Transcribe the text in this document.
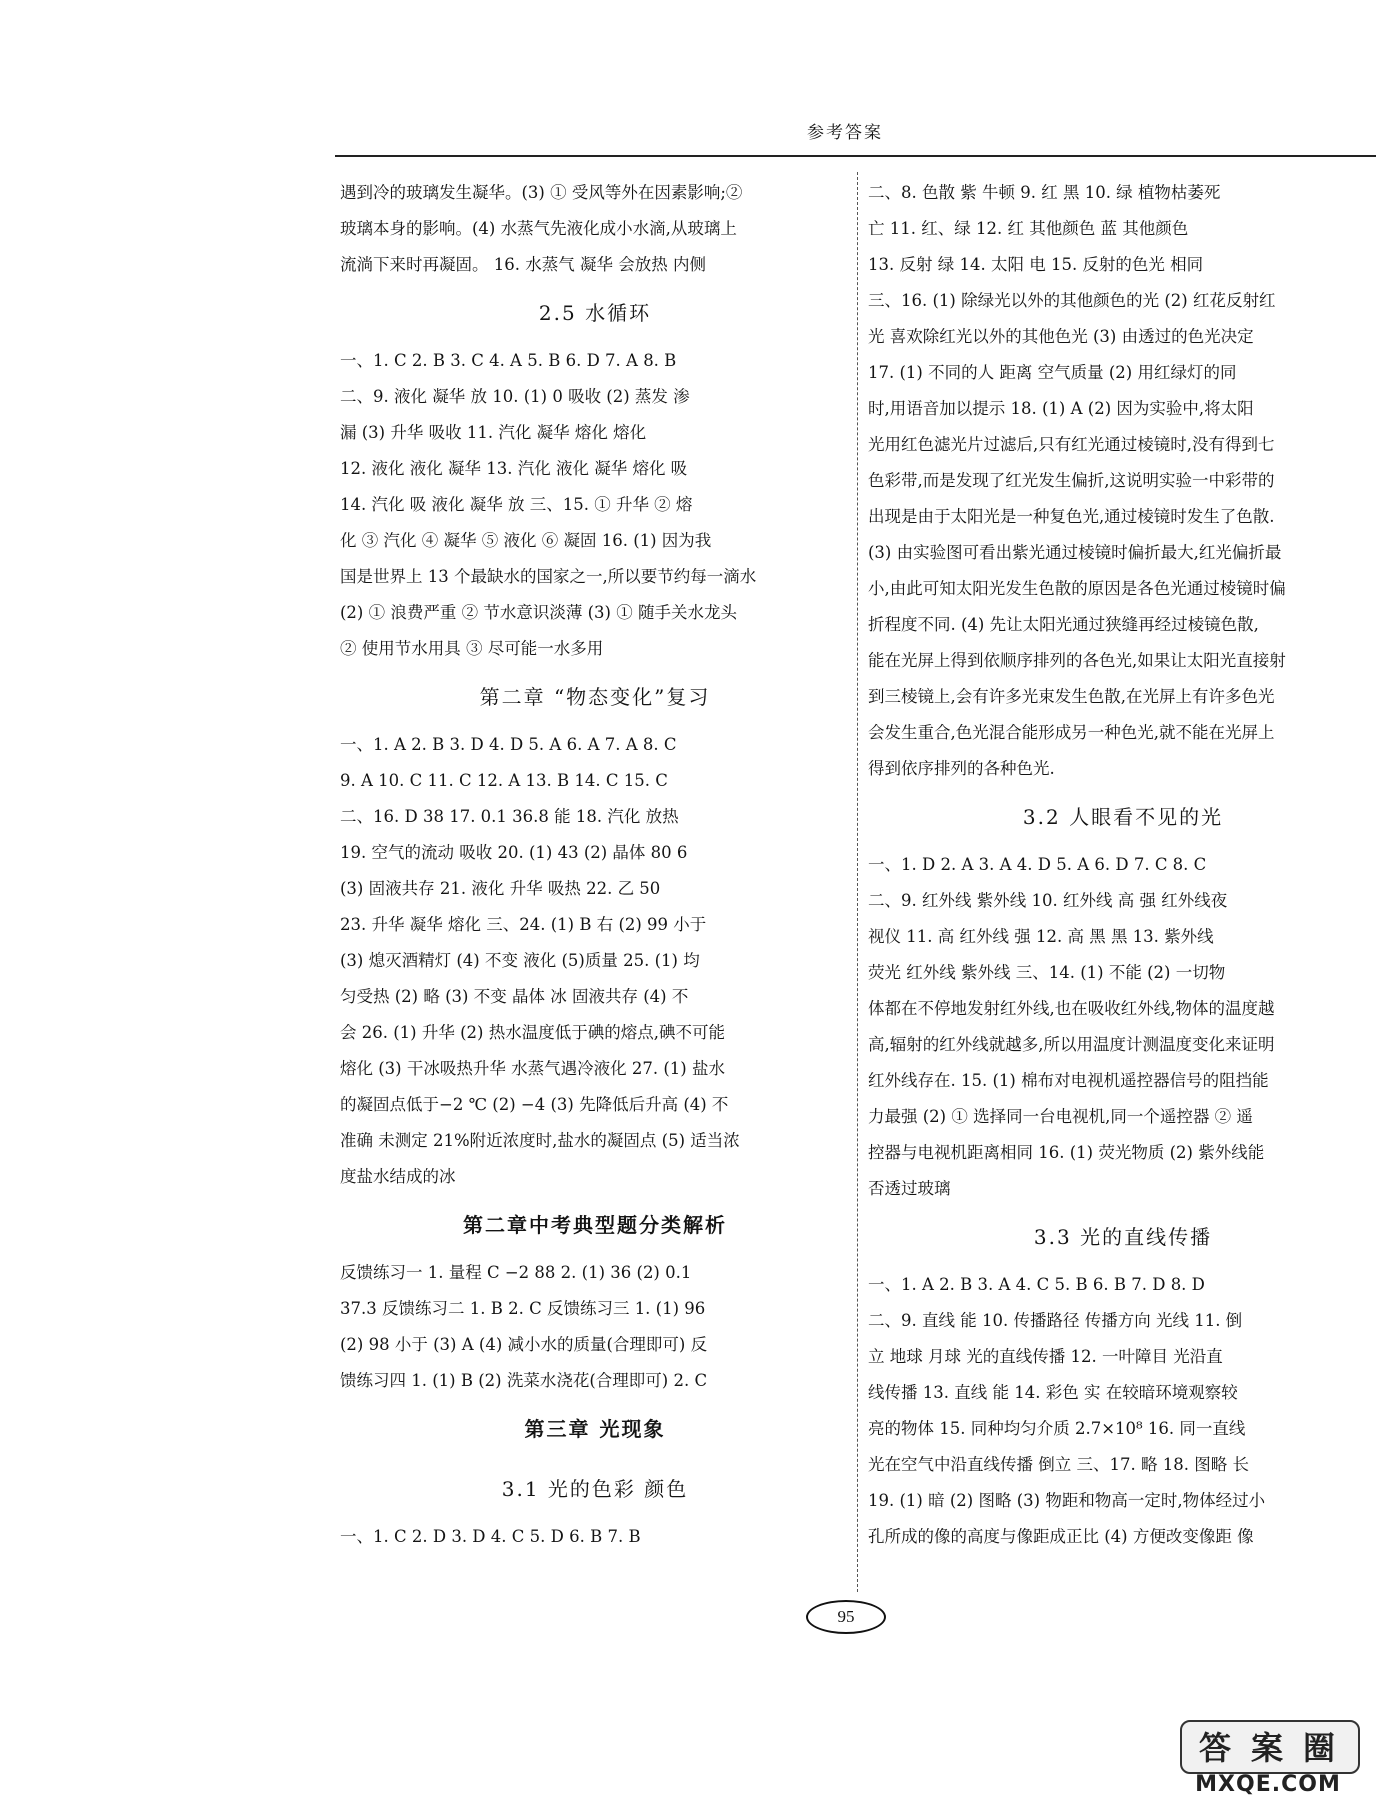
参考答案
遇到冷的玻璃发生凝华。(3) ① 受风等外在因素影响;②
玻璃本身的影响。(4) 水蒸气先液化成小水滴,从玻璃上
流淌下来时再凝固。 16. 水蒸气 凝华 会放热 内侧
2.5 水循环
一、1. C 2. B 3. C 4. A 5. B 6. D 7. A 8. B
二、9. 液化 凝华 放 10. (1) 0 吸收 (2) 蒸发 渗
漏 (3) 升华 吸收 11. 汽化 凝华 熔化 熔化
12. 液化 液化 凝华 13. 汽化 液化 凝华 熔化 吸
14. 汽化 吸 液化 凝华 放 三、15. ① 升华 ② 熔
化 ③ 汽化 ④ 凝华 ⑤ 液化 ⑥ 凝固 16. (1) 因为我
国是世界上 13 个最缺水的国家之一,所以要节约每一滴水
(2) ① 浪费严重 ② 节水意识淡薄 (3) ① 随手关水龙头
② 使用节水用具 ③ 尽可能一水多用
第二章 “物态变化”复习
一、1. A 2. B 3. D 4. D 5. A 6. A 7. A 8. C
9. A 10. C 11. C 12. A 13. B 14. C 15. C
二、16. D 38 17. 0.1 36.8 能 18. 汽化 放热
19. 空气的流动 吸收 20. (1) 43 (2) 晶体 80 6
(3) 固液共存 21. 液化 升华 吸热 22. 乙 50
23. 升华 凝华 熔化 三、24. (1) B 右 (2) 99 小于
(3) 熄灭酒精灯 (4) 不变 液化 (5)质量 25. (1) 均
匀受热 (2) 略 (3) 不变 晶体 冰 固液共存 (4) 不
会 26. (1) 升华 (2) 热水温度低于碘的熔点,碘不可能
熔化 (3) 干冰吸热升华 水蒸气遇冷液化 27. (1) 盐水
的凝固点低于−2 ℃ (2) −4 (3) 先降低后升高 (4) 不
准确 未测定 21%附近浓度时,盐水的凝固点 (5) 适当浓
度盐水结成的冰
第二章中考典型题分类解析
反馈练习一 1. 量程 C −2 88 2. (1) 36 (2) 0.1
37.3 反馈练习二 1. B 2. C 反馈练习三 1. (1) 96
(2) 98 小于 (3) A (4) 减小水的质量(合理即可) 反
馈练习四 1. (1) B (2) 洗菜水浇花(合理即可) 2. C
第三章 光现象
3.1 光的色彩 颜色
一、1. C 2. D 3. D 4. C 5. D 6. B 7. B
二、8. 色散 紫 牛顿 9. 红 黑 10. 绿 植物枯萎死
亡 11. 红、绿 12. 红 其他颜色 蓝 其他颜色
13. 反射 绿 14. 太阳 电 15. 反射的色光 相同
三、16. (1) 除绿光以外的其他颜色的光 (2) 红花反射红
光 喜欢除红光以外的其他色光 (3) 由透过的色光决定
17. (1) 不同的人 距离 空气质量 (2) 用红绿灯的同
时,用语音加以提示 18. (1) A (2) 因为实验中,将太阳
光用红色滤光片过滤后,只有红光通过棱镜时,没有得到七
色彩带,而是发现了红光发生偏折,这说明实验一中彩带的
出现是由于太阳光是一种复色光,通过棱镜时发生了色散.
(3) 由实验图可看出紫光通过棱镜时偏折最大,红光偏折最
小,由此可知太阳光发生色散的原因是各色光通过棱镜时偏
折程度不同. (4) 先让太阳光通过狭缝再经过棱镜色散,
能在光屏上得到依顺序排列的各色光,如果让太阳光直接射
到三棱镜上,会有许多光束发生色散,在光屏上有许多色光
会发生重合,色光混合能形成另一种色光,就不能在光屏上
得到依序排列的各种色光.
3.2 人眼看不见的光
一、1. D 2. A 3. A 4. D 5. A 6. D 7. C 8. C
二、9. 红外线 紫外线 10. 红外线 高 强 红外线夜
视仪 11. 高 红外线 强 12. 高 黑 黑 13. 紫外线
荧光 红外线 紫外线 三、14. (1) 不能 (2) 一切物
体都在不停地发射红外线,也在吸收红外线,物体的温度越
高,辐射的红外线就越多,所以用温度计测温度变化来证明
红外线存在. 15. (1) 棉布对电视机遥控器信号的阻挡能
力最强 (2) ① 选择同一台电视机,同一个遥控器 ② 遥
控器与电视机距离相同 16. (1) 荧光物质 (2) 紫外线能
否透过玻璃
3.3 光的直线传播
一、1. A 2. B 3. A 4. C 5. B 6. B 7. D 8. D
二、9. 直线 能 10. 传播路径 传播方向 光线 11. 倒
立 地球 月球 光的直线传播 12. 一叶障目 光沿直
线传播 13. 直线 能 14. 彩色 实 在较暗环境观察较
亮的物体 15. 同种均匀介质 2.7×10⁸ 16. 同一直线
光在空气中沿直线传播 倒立 三、17. 略 18. 图略 长
19. (1) 暗 (2) 图略 (3) 物距和物高一定时,物体经过小
孔所成的像的高度与像距成正比 (4) 方便改变像距 像
95
答 案 圈
MXQE.COM
